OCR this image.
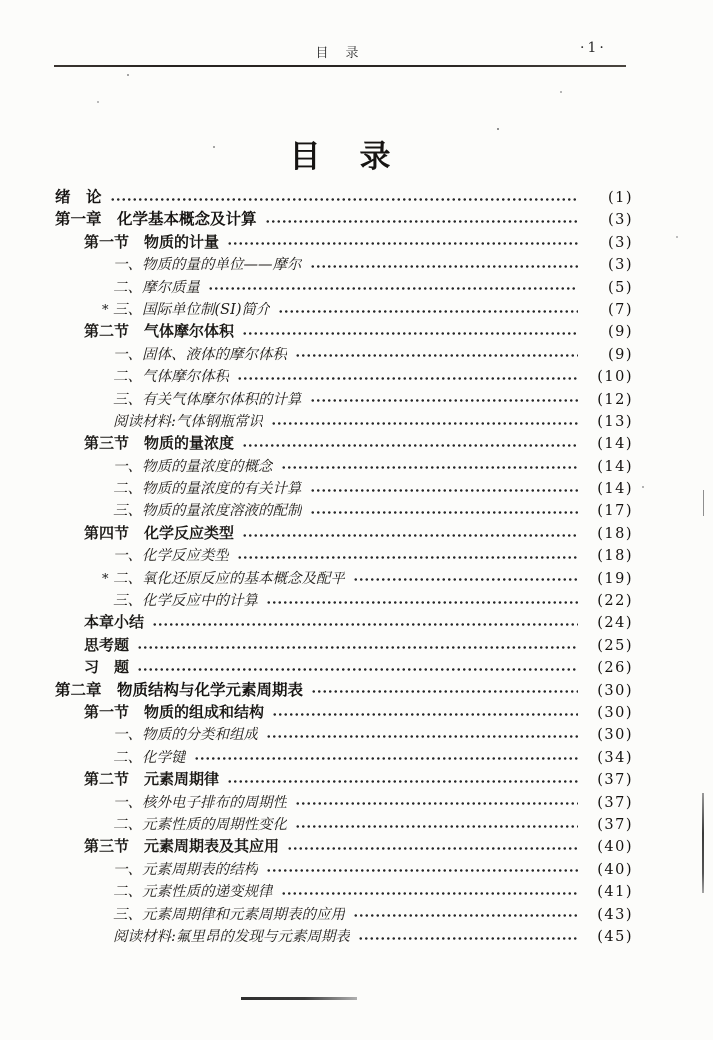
目　录	·1·
目　录
绪　论	(1)
第一章　化学基本概念及计算	(3)
第一节　物质的计量	(3)
一、物质的量的单位——摩尔	(3)
二、摩尔质量	(5)
* 三、国际单位制(SI)简介	(7)
第二节　气体摩尔体积	(9)
一、固体、液体的摩尔体积	(9)
二、气体摩尔体积	(10)
三、有关气体摩尔体积的计算	(12)
阅读材料:气体钢瓶常识	(13)
第三节　物质的量浓度	(14)
一、物质的量浓度的概念	(14)
二、物质的量浓度的有关计算	(14)
三、物质的量浓度溶液的配制	(17)
第四节　化学反应类型	(18)
一、化学反应类型	(18)
* 二、氧化还原反应的基本概念及配平	(19)
三、化学反应中的计算	(22)
本章小结	(24)
思考题	(25)
习　题	(26)
第二章　物质结构与化学元素周期表	(30)
第一节　物质的组成和结构	(30)
一、物质的分类和组成	(30)
二、化学键	(34)
第二节　元素周期律	(37)
一、核外电子排布的周期性	(37)
二、元素性质的周期性变化	(37)
第三节　元素周期表及其应用	(40)
一、元素周期表的结构	(40)
二、元素性质的递变规律	(41)
三、元素周期律和元素周期表的应用	(43)
阅读材料:氟里昂的发现与元素周期表	(45)
